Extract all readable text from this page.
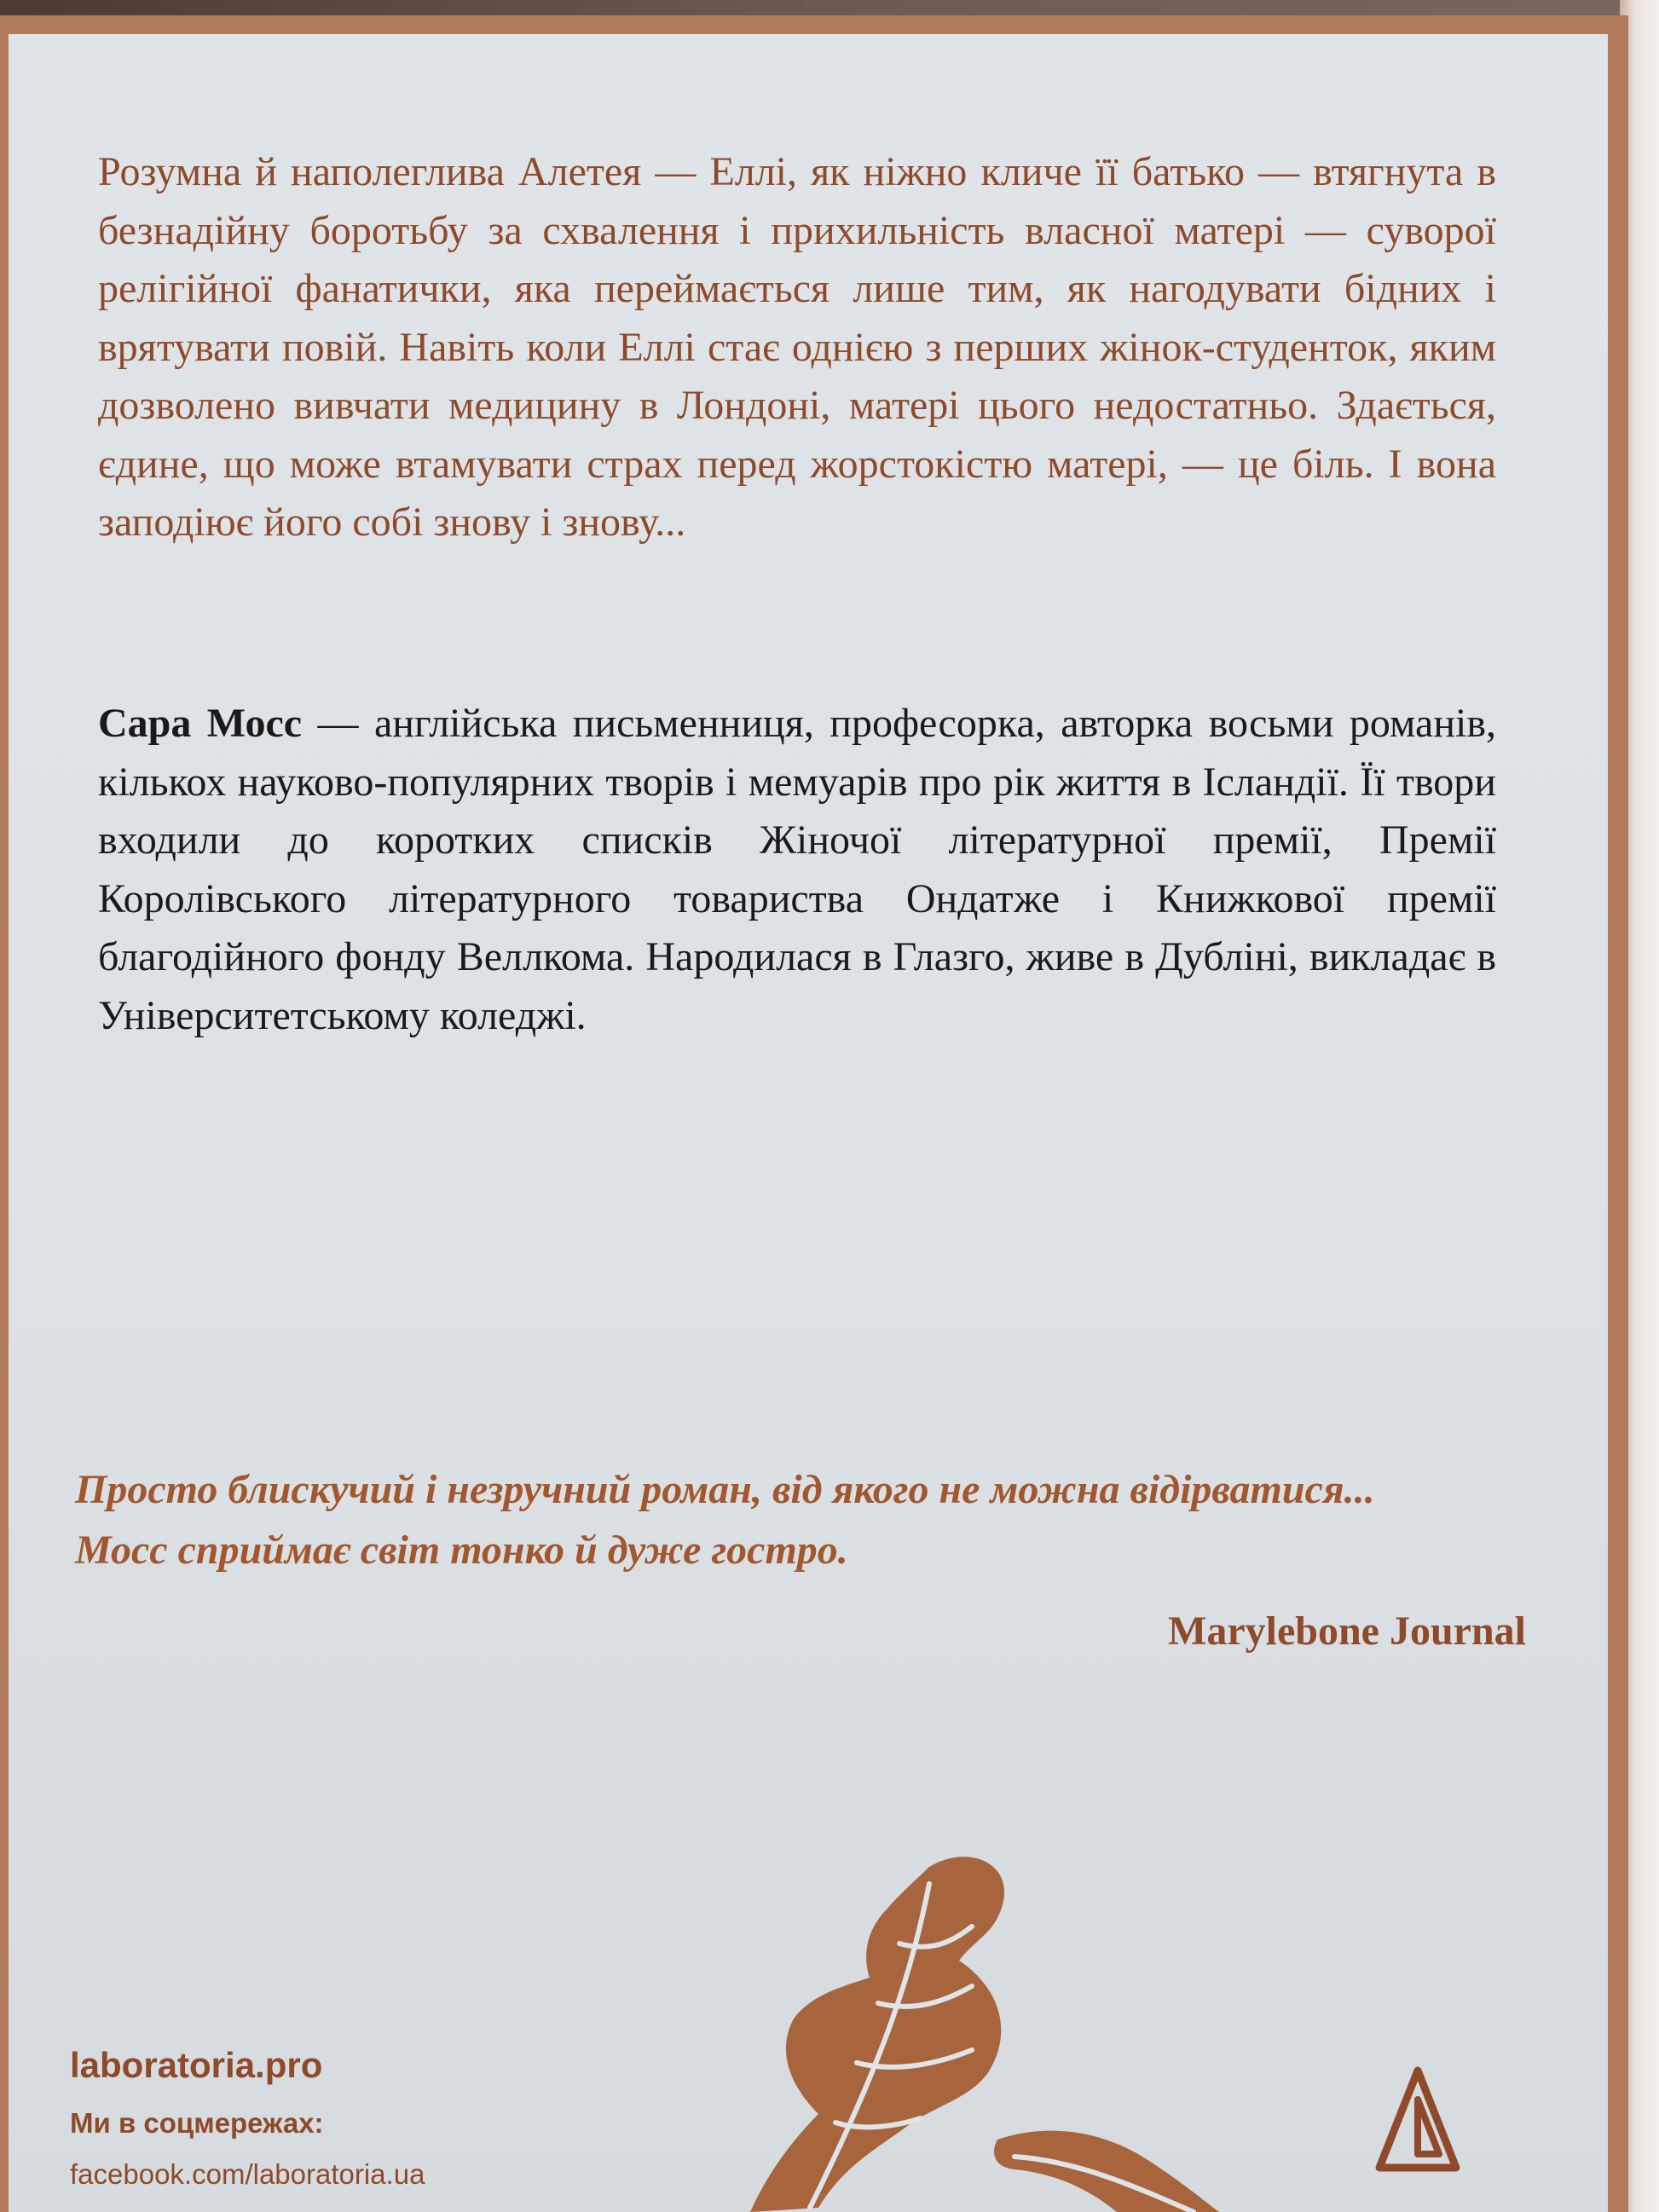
Розумна й наполеглива Алетея — Еллі, як ніжно кличе її батько — втягнута в безнадійну боротьбу за схвалення і прихильність власної матері — суворої релігійної фанатички, яка переймається лише тим, як нагодувати бідних і врятувати повій. Навіть коли Еллі стає однією з перших жінок-студенток, яким дозволено вивчати медицину в Лондоні, матері цього недостатньо. Здається, єдине, що може втамувати страх перед жорстокістю матері, — це біль. І вона заподіює його собі знову і знову...

Сара Мосс — англійська письменниця, професорка, авторка восьми романів, кількох науково-популярних творів і мемуарів про рік життя в Ісландії. Її твори входили до коротких списків Жіночої літературної премії, Премії Королівського літературного товариства Ондатже і Книжкової премії благодійного фонду Веллкома. Народилася в Глазго, живе в Дубліні, викладає в Університетському коледжі.

Просто блискучий і незручний роман, від якого не можна відірватися...
Мосс сприймає світ тонко й дуже гостро.
Marylebone Journal
laboratoria.pro
Ми в соцмережах:
facebook.com/laboratoria.ua
